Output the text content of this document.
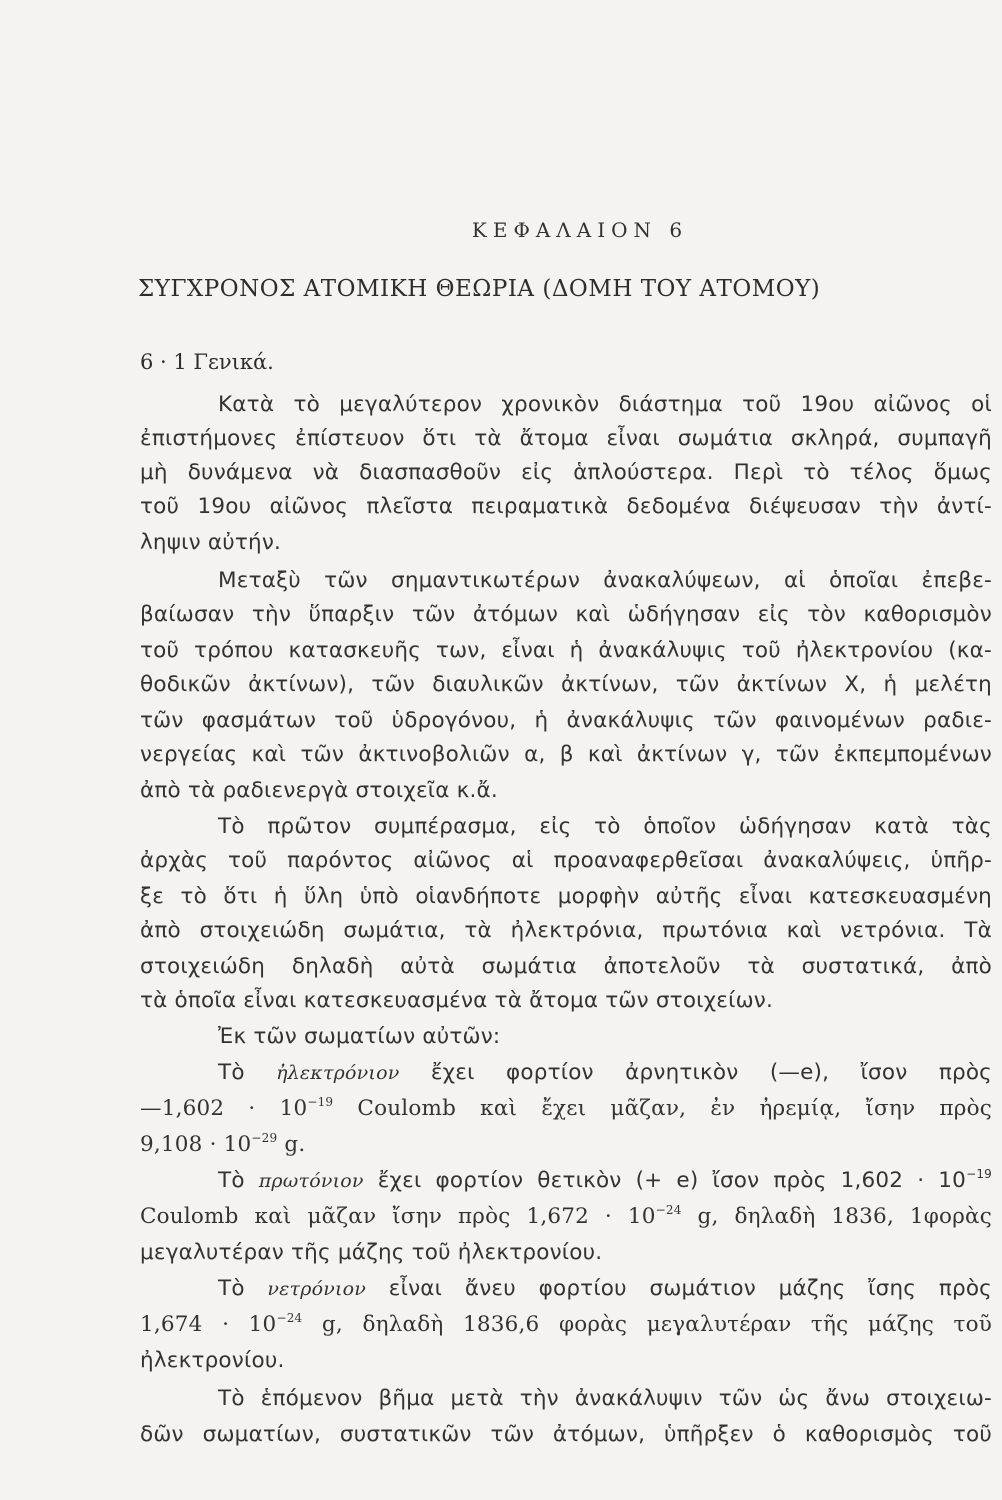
ΚΕΦΑΛΑΙΟΝ 6
ΣΥΓΧΡΟΝΟΣ ΑΤΟΜΙΚΗ ΘΕΩΡΙΑ (ΔΟΜΗ ΤΟΥ ΑΤΟΜΟΥ)
6 · 1 Γενικά.
Κατὰ τὸ μεγαλύτερον χρονικὸν διάστημα τοῦ 19ου αἰῶνος οἱ
ἐπιστήμονες ἐπίστευον ὅτι τὰ ἄτομα εἶναι σωμάτια σκληρά, συμπαγῆ
μὴ δυνάμενα νὰ διασπασθοῦν εἰς ἁπλούστερα. Περὶ τὸ τέλος ὅμως
τοῦ 19ου αἰῶνος πλεῖστα πειραματικὰ δεδομένα διέψευσαν τὴν ἀντί-
ληψιν αὐτήν.
Μεταξὺ τῶν σημαντικωτέρων ἀνακαλύψεων, αἱ ὁποῖαι ἐπεβε-
βαίωσαν τὴν ὕπαρξιν τῶν ἀτόμων καὶ ὡδήγησαν εἰς τὸν καθορισμὸν
τοῦ τρόπου κατασκευῆς των, εἶναι ἡ ἀνακάλυψις τοῦ ἠλεκτρονίου (κα-
θοδικῶν ἀκτίνων), τῶν διαυλικῶν ἀκτίνων, τῶν ἀκτίνων Χ, ἡ μελέτη
τῶν φασμάτων τοῦ ὑδρογόνου, ἡ ἀνακάλυψις τῶν φαινομένων ραδιε-
νεργείας καὶ τῶν ἀκτινοβολιῶν α, β καὶ ἀκτίνων γ, τῶν ἐκπεμπομένων
ἀπὸ τὰ ραδιενεργὰ στοιχεῖα κ.ἄ.
Τὸ πρῶτον συμπέρασμα, εἰς τὸ ὁποῖον ὡδήγησαν κατὰ τὰς
ἀρχὰς τοῦ παρόντος αἰῶνος αἱ προαναφερθεῖσαι ἀνακαλύψεις, ὑπῆρ-
ξε τὸ ὅτι ἡ ὕλη ὑπὸ οἱανδήποτε μορφὴν αὐτῆς εἶναι κατεσκευασμένη
ἀπὸ στοιχειώδη σωμάτια, τὰ ἠλεκτρόνια, πρωτόνια καὶ νετρόνια. Τὰ
στοιχειώδη δηλαδὴ αὐτὰ σωμάτια ἀποτελοῦν τὰ συστατικά, ἀπὸ
τὰ ὁποῖα εἶναι κατεσκευασμένα τὰ ἄτομα τῶν στοιχείων.
Ἐκ τῶν σωματίων αὐτῶν:
Τὸ ἠλεκτρόνιον ἔχει φορτίον ἀρνητικὸν (—e), ἴσον πρὸς
—1,602 · $10^{-19}$ Coulomb καὶ ἔχει μᾶζαν, ἐν ἠρεμίᾳ, ἴσην πρὸς
$9,108 \cdot 10^{-29}$ g.
Τὸ πρωτόνιον ἔχει φορτίον θετικὸν (+ e) ἴσον πρὸς $1,602 \cdot 10^{-19}$
Coulomb καὶ μᾶζαν ἴσην πρὸς $1,672 \cdot 10^{-24}$ g, δηλαδὴ 1836, 1φορὰς
μεγαλυτέραν τῆς μάζης τοῦ ἠλεκτρονίου.
Τὸ νετρόνιον εἶναι ἄνευ φορτίου σωμάτιον μάζης ἴσης πρὸς
$1,674 \cdot 10^{-24}$ g, δηλαδὴ 1836,6 φορὰς μεγαλυτέραν τῆς μάζης τοῦ
ἠλεκτρονίου.
Τὸ ἑπόμενον βῆμα μετὰ τὴν ἀνακάλυψιν τῶν ὡς ἄνω στοιχειω-
δῶν σωματίων, συστατικῶν τῶν ἀτόμων, ὑπῆρξεν ὁ καθορισμὸς τοῦ
